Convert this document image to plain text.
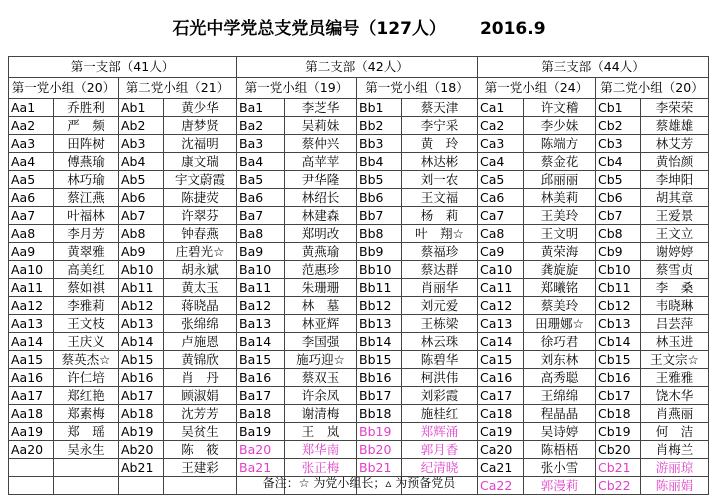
石光中学党总支党员编号（127人） 2016.9
第一支部（41人）				第二支部（42人）				第三支部（44人）			
第一党小组（20）		第二党小组（21）		第一党小组（19）		第一党小组（18）		第一党小组（24）		第二党小组（20）	
Aa1	乔胜利	Ab1	黄少华	Ba1	李芝华	Bb1	蔡天津	Ca1	许文稽	Cb1	李荣荣
Aa2	严　频	Ab2	唐梦贤	Ba2	吴莉妹	Bb2	李宁采	Ca2	李少妹	Cb2	蔡雄雄
Aa3	田阵树	Ab3	沈福明	Ba3	蔡仲兴	Bb3	黄　玲	Ca3	陈端方	Cb3	林艾芳
Aa4	傅燕瑜	Ab4	康文瑞	Ba4	高苹苹	Bb4	林达彬	Ca4	蔡金花	Cb4	黄怡颜
Aa5	林巧瑜	Ab5	宇文蔚霞	Ba5	尹华隆	Bb5	刘一农	Ca5	邱丽丽	Cb5	李坤阳
Aa6	蔡江燕	Ab6	陈捷荧	Ba6	林绍长	Bb6	王文福	Ca6	林美莉	Cb6	胡其章
Aa7	叶福林	Ab7	许翠芬	Ba7	林建森	Bb7	杨　莉	Ca7	王美玲	Cb7	王爱景
Aa8	李月芳	Ab8	钟春燕	Ba8	郑明改	Bb8	叶　翔☆	Ca8	王文明	Cb8	王文立
Aa9	黄翠雅	Ab9	庄碧光☆	Ba9	黄燕瑜	Bb9	蔡福珍	Ca9	黄荣海	Cb9	谢婷婷
Aa10	高美红	Ab10	胡永斌	Ba10	范惠珍	Bb10	蔡达群	Ca10	龚旋旋	Cb10	蔡雪贞
Aa11	蔡如祺	Ab11	黄太玉	Ba11	朱珊珊	Bb11	肖丽华	Ca11	郑曦铭	Cb11	李　桑
Aa12	李雅莉	Ab12	蒋晓晶	Ba12	林　墓	Bb12	刘元爱	Ca12	蔡美玲	Cb12	韦晓琳
Aa13	王文枝	Ab13	张绵绵	Ba13	林亚辉	Bb13	王栋梁	Ca13	田珊娜☆	Cb13	吕芸萍
Aa14	王庆义	Ab14	卢施恩	Ba14	李国强	Bb14	林云珠	Ca14	徐巧君	Cb14	林玉进
Aa15	蔡英杰☆	Ab15	黄锦欣	Ba15	施巧迎☆	Bb15	陈碧华	Ca15	刘东林	Cb15	王文宗☆
Aa16	许仁培	Ab16	肖　丹	Ba16	蔡双玉	Bb16	柯洪伟	Ca16	高秀聪	Cb16	王雅雅
Aa17	郑红艳	Ab17	顾淑娟	Ba17	许余凤	Bb17	刘彩霞	Ca17	王绵绵	Cb17	饶木华
Aa18	郑素梅	Ab18	沈芳芳	Ba18	谢清梅	Bb18	施桂红	Ca18	程晶晶	Cb18	肖燕丽
Aa19	郑　瑶	Ab19	吴贫生	Ba19	王　岚	Bb19	郑辉涌	Ca19	吴诗婷	Cb19	何　洁
Aa20	吴永生	Ab20	陈　筱	Ba20	郑华南	Bb20	郭月香	Ca20	陈梧梧	Cb20	肖梅兰
		Ab21	王建彩	Ba21	张正梅	Bb21	纪清晓	Ca21	张小雪	Cb21	游丽琼
								Ca22	郭漫莉	Cb22	陈丽娟
备注：☆ 为党小组长；▵ 为预备党员
